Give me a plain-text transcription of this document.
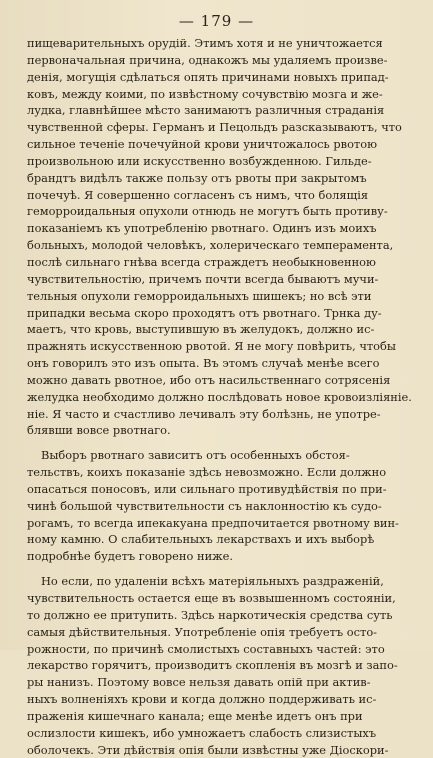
— 179 —
пищеварительныхъ орудій. Этимъ хотя и не уничтожается
первоначальная причина, однакожъ мы удаляемъ произве-
денія, могущія сдѣлаться опять причинами новыхъ припад-
ковъ, между коими, по извѣстному сочувствію мозга и же-
лудка, главнѣйшее мѣсто занимаютъ различныя страданія
чувственной сферы. Германъ и Пецольдъ разсказываютъ, что
сильное теченіе почечуйной крови уничтожалось рвотою
произвольною или искусственно возбужденною. Гильде-
брандтъ видѣлъ также пользу отъ рвоты при закрытомъ
почечуѣ. Я совершенно согласенъ съ нимъ, что болящія
геморроидальныя опухоли отнюдь не могутъ быть противу-
показаніемъ къ употребленію рвотнаго. Одинъ изъ моихъ
больныхъ, молодой человѣкъ, холерическаго темперамента,
послѣ сильнаго гнѣва всегда страждетъ необыкновенною
чувствительностію, причемъ почти всегда бываютъ мучи-
тельныя опухоли геморроидальныхъ шишекъ; но всѣ эти
припадки весьма скоро проходятъ отъ рвотнаго. Трнка ду-
маетъ, что кровь, выступившую въ желудокъ, должно ис-
пражнять искусственною рвотой. Я не могу повѣрить, чтобы
онъ говорилъ это изъ опыта. Въ этомъ случаѣ менѣе всего
можно давать рвотное, ибо отъ насильственнаго сотрясенія
желудка необходимо должно послѣдовать новое кровоизліяніе.
ніе. Я часто и счастливо лечивалъ эту болѣзнь, не употре-
блявши вовсе рвотнаго.
Выборъ рвотнаго зависитъ отъ особенныхъ обстоя-
тельствъ, коихъ показаніе здѣсь невозможно. Если должно
опасаться поносовъ, или сильнаго противудѣйствія по при-
чинѣ большой чувствительности съ наклонностію къ судо-
рогамъ, то всегда ипекакуана предпочитается рвотному вин-
ному камню. О слабительныхъ лекарствахъ и ихъ выборѣ
подробнѣе будетъ говорено ниже.
Но если, по удаленіи всѣхъ матеріяльныхъ раздраженій,
чувствительность остается еще въ возвышенномъ состояніи,
то должно ее притупить. Здѣсь наркотическія средства суть
самыя дѣйствительныя. Употребленіе опія требуетъ осто-
рожности, по причинѣ смолистыхъ составныхъ частей: это
лекарство горячитъ, производитъ скопленія въ мозгѣ и запо-
ры нанизъ. Поэтому вовсе нельзя давать опій при актив-
ныхъ волненіяхъ крови и когда должно поддерживать ис-
праженія кишечнаго канала; еще менѣе идетъ онъ при
ослизлости кишекъ, ибо умножаетъ слабость слизистыхъ
оболочекъ. Эти дѣйствія опія были извѣстны уже Діоскори-
